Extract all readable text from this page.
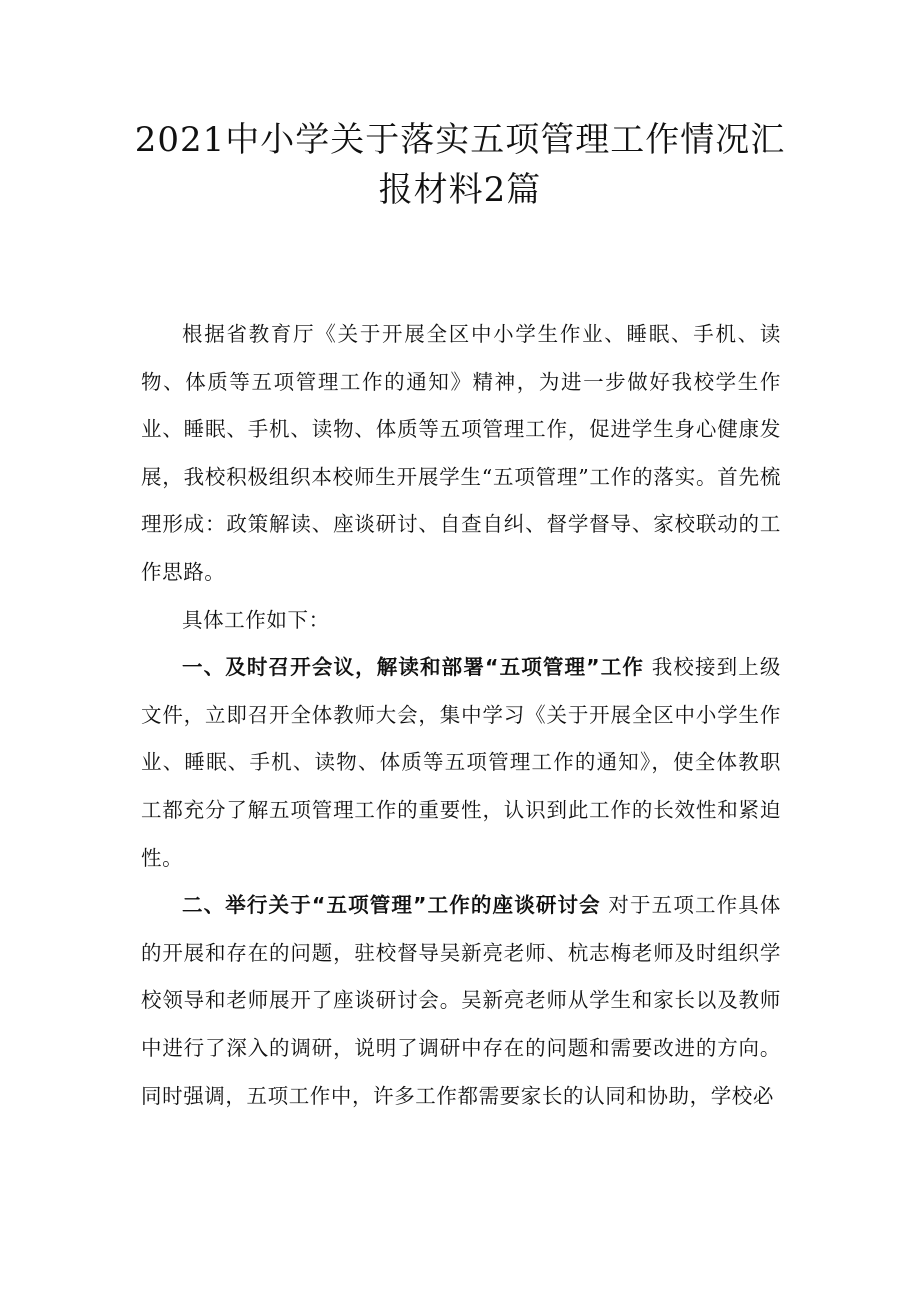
2021中小学关于落实五项管理工作情况汇
报材料2篇

根据省教育厅《关于开展全区中小学生作业、睡眠、手机、读物、体质等五项管理工作的通知》精神，为进一步做好我校学生作业、睡眠、手机、读物、体质等五项管理工作，促进学生身心健康发展，我校积极组织本校师生开展学生“五项管理”工作的落实。首先梳理形成：政策解读、座谈研讨、自查自纠、督学督导、家校联动的工作思路。

具体工作如下：

一、及时召开会议，解读和部署“五项管理”工作 我校接到上级文件，立即召开全体教师大会，集中学习《关于开展全区中小学生作业、睡眠、手机、读物、体质等五项管理工作的通知》，使全体教职工都充分了解五项管理工作的重要性，认识到此工作的长效性和紧迫性。

二、举行关于“五项管理”工作的座谈研讨会 对于五项工作具体的开展和存在的问题，驻校督导吴新亮老师、杭志梅老师及时组织学校领导和老师展开了座谈研讨会。吴新亮老师从学生和家长以及教师中进行了深入的调研，说明了调研中存在的问题和需要改进的方向。同时强调，五项工作中，许多工作都需要家长的认同和协助，学校必
